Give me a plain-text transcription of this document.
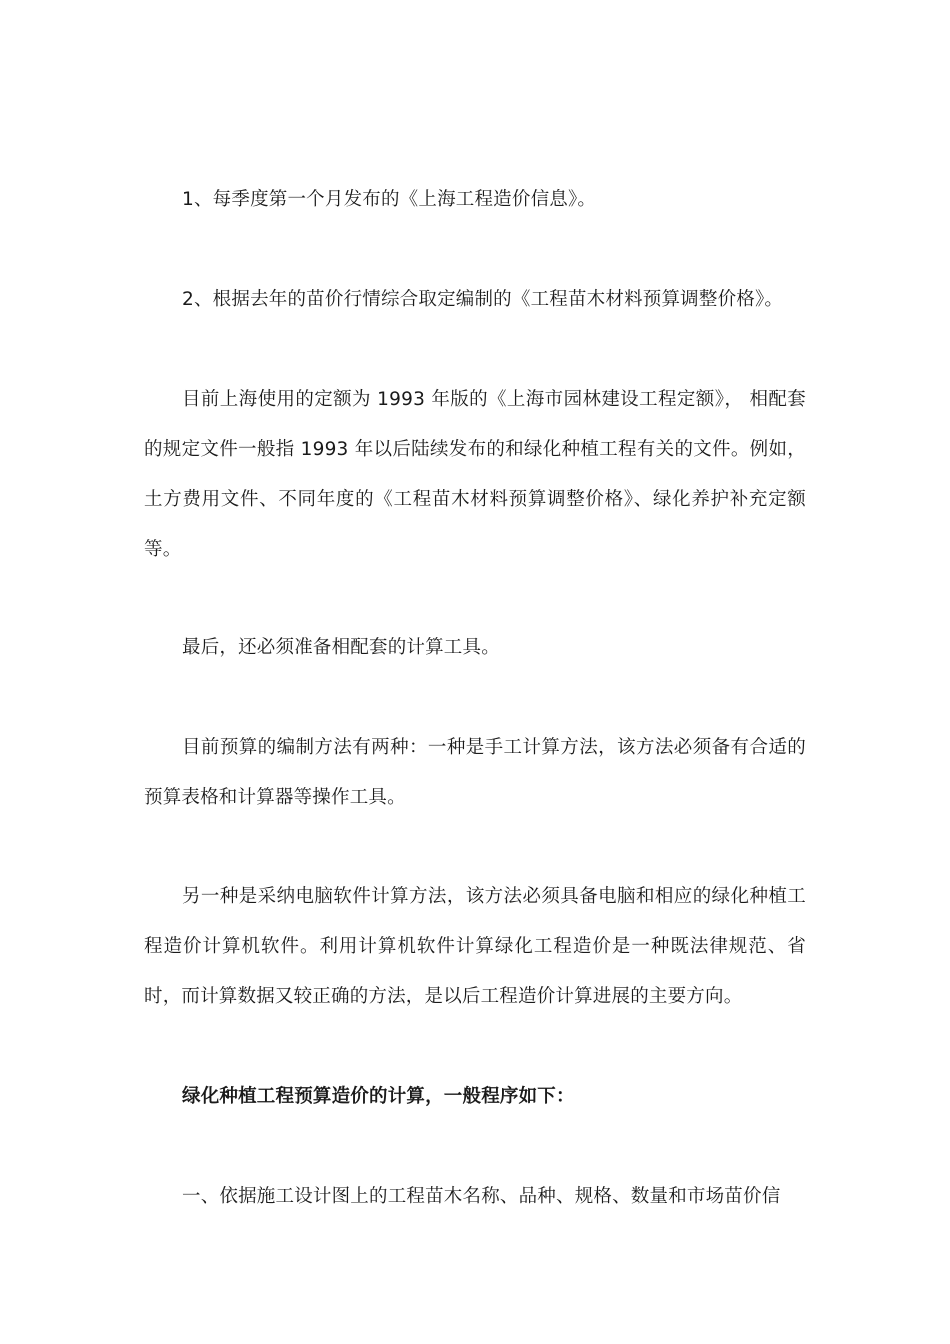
1、每季度第一个月发布的《上海工程造价信息》。

2、根据去年的苗价行情综合取定编制的《工程苗木材料预算调整价格》。

目前上海使用的定额为 1993 年版的《上海市园林建设工程定额》， 相配套的规定文件一般指 1993 年以后陆续发布的和绿化种植工程有关的文件。例如，土方费用文件、不同年度的《工程苗木材料预算调整价格》、绿化养护补充定额等。

最后，还必须准备相配套的计算工具。

目前预算的编制方法有两种：一种是手工计算方法，该方法必须备有合适的预算表格和计算器等操作工具。

另一种是采纳电脑软件计算方法，该方法必须具备电脑和相应的绿化种植工程造价计算机软件。利用计算机软件计算绿化工程造价是一种既法律规范、省时，而计算数据又较正确的方法，是以后工程造价计算进展的主要方向。

绿化种植工程预算造价的计算，一般程序如下：

一、依据施工设计图上的工程苗木名称、品种、规格、数量和市场苗价信
